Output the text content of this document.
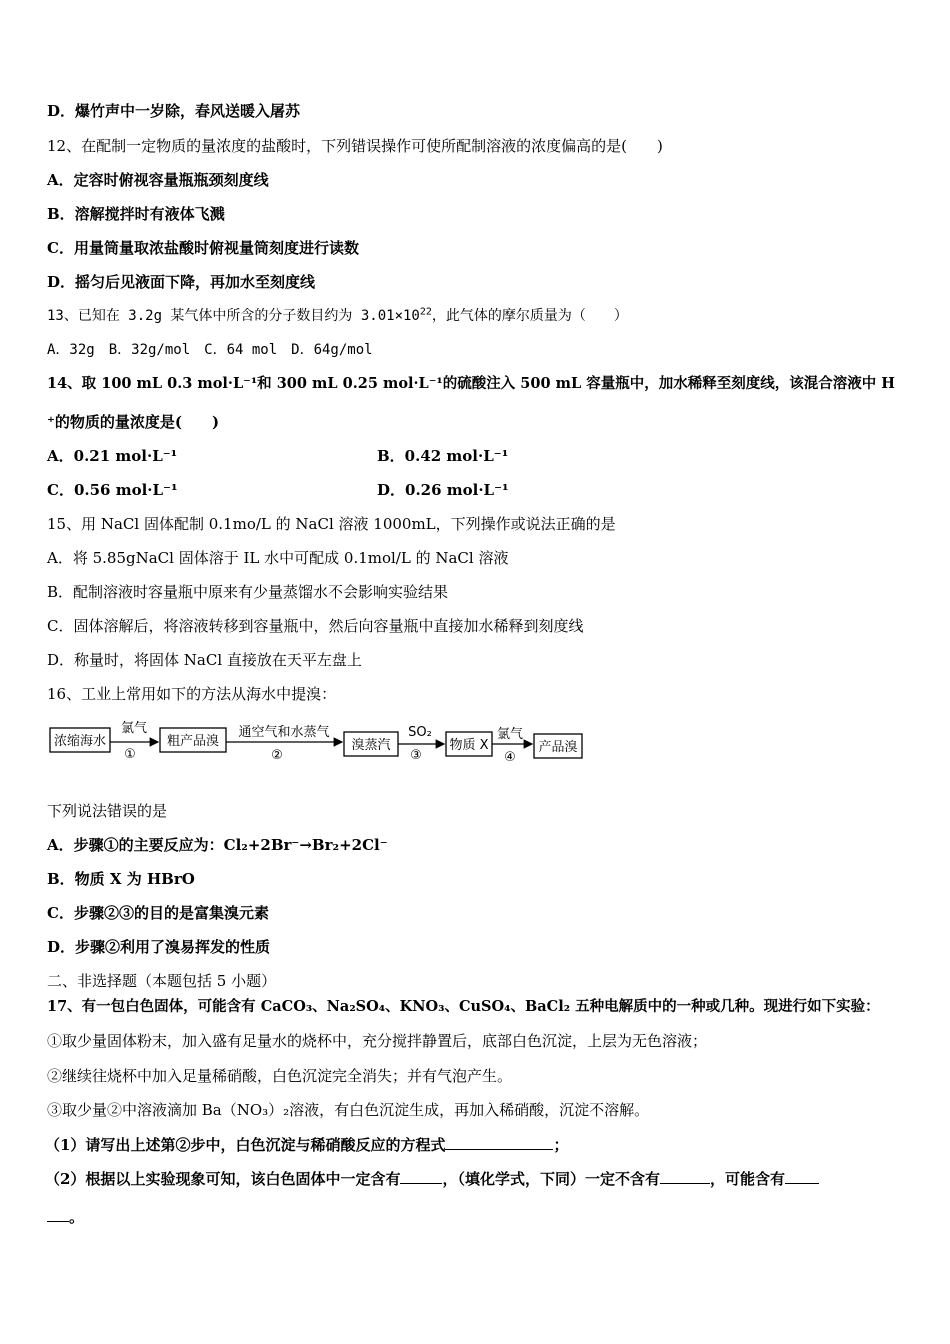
D．爆竹声中一岁除，春风送暖入屠苏
12、在配制一定物质的量浓度的盐酸时，下列错误操作可使所配制溶液的浓度偏高的是(　　)
A．定容时俯视容量瓶瓶颈刻度线
B．溶解搅拌时有液体飞溅
C．用量筒量取浓盐酸时俯视量筒刻度进行读数
D．摇匀后见液面下降，再加水至刻度线
13、已知在 3.2g 某气体中所含的分子数目约为 $3.01\times 10^{22}$，此气体的摩尔质量为（　　）
A．32g　B．32g/mol　C．64 mol　D．64g/mol
14、取 100 mL 0.3 mol·L⁻¹和 300 mL 0.25 mol·L⁻¹的硫酸注入 500 mL 容量瓶中，加水稀释至刻度线，该混合溶液中 H
⁺的物质的量浓度是(　　)
A．0.21 mol·L⁻¹	B．0.42 mol·L⁻¹
C．0.56 mol·L⁻¹	D．0.26 mol·L⁻¹
15、用 NaCl 固体配制 0.1mo/L 的 NaCl 溶液 1000mL，下列操作或说法正确的是
A．将 5.85gNaCl 固体溶于 IL 水中可配成 0.1mol/L 的 NaCl 溶液
B．配制溶液时容量瓶中原来有少量蒸馏水不会影响实验结果
C．固体溶解后，将溶液转移到容量瓶中，然后向容量瓶中直接加水稀释到刻度线
D．称量时，将固体 NaCl 直接放在天平左盘上
16、工业上常用如下的方法从海水中提溴：
浓缩海水
氯气
①
粗产品溴
通空气和水蒸气
②
溴蒸汽
SO₂
③
物质 X
氯气
④
产品溴
下列说法错误的是
A．步骤①的主要反应为：Cl₂+2Br⁻→Br₂+2Cl⁻
B．物质 X 为 HBrO
C．步骤②③的目的是富集溴元素
D．步骤②利用了溴易挥发的性质
二、非选择题（本题包括 5 小题）
17、有一包白色固体，可能含有 CaCO₃、Na₂SO₄、KNO₃、CuSO₄、BaCl₂ 五种电解质中的一种或几种。现进行如下实验：
①取少量固体粉末，加入盛有足量水的烧杯中，充分搅拌静置后，底部白色沉淀，上层为无色溶液；
②继续往烧杯中加入足量稀硝酸，白色沉淀完全消失；并有气泡产生。
③取少量②中溶液滴加 Ba（NO₃）₂溶液，有白色沉淀生成，再加入稀硝酸，沉淀不溶解。
（1）请写出上述第②步中，白色沉淀与稀硝酸反应的方程式	；
（2）根据以上实验现象可知，该白色固体中一定含有	，（填化学式，下同）一定不含有	，可能含有
。
